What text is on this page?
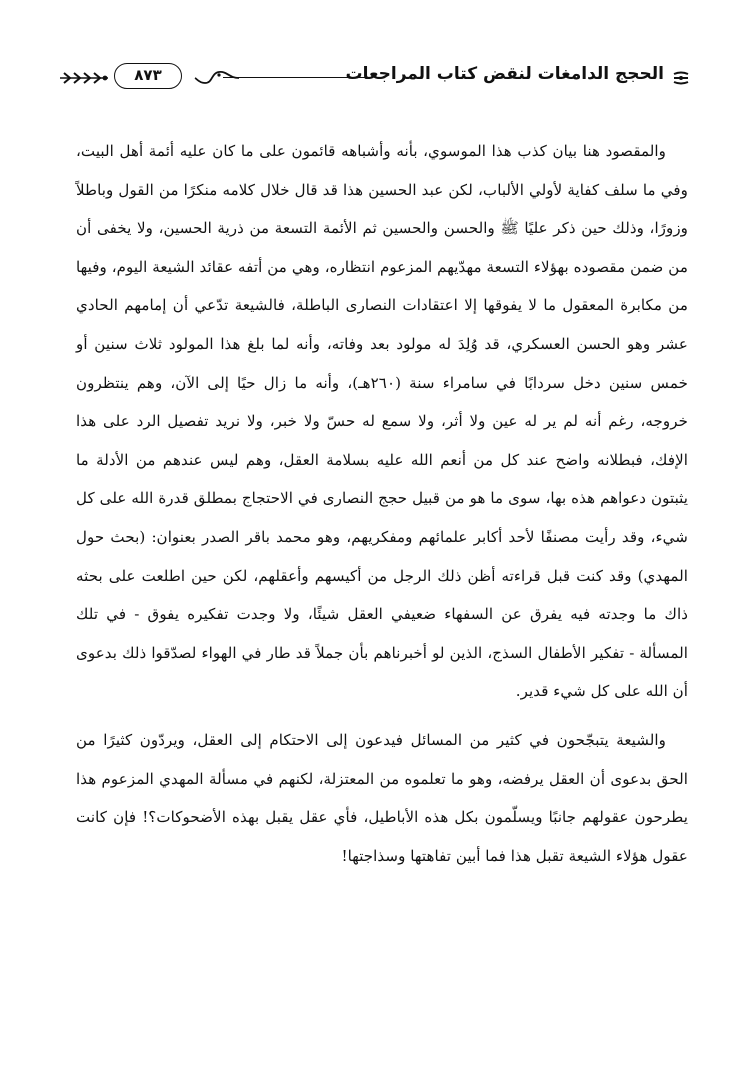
الحجج الدامغات لنقض كتاب المراجعات
٨٧٣

والمقصود هنا بيان كذب هذا الموسوي، بأنه وأشباهه قائمون على ما كان عليه أئمة أهل البيت، وفي ما سلف كفاية لأولي الألباب، لكن عبد الحسين هذا قد قال خلال كلامه منكرًا من القول وباطلاً وزورًا، وذلك حين ذكر عليًا ﷺ والحسن والحسين ثم الأئمة التسعة من ذرية الحسين، ولا يخفى أن من ضمن مقصوده بهؤلاء التسعة مهدّيهم المزعوم انتظاره، وهي من أتفه عقائد الشيعة اليوم، وفيها من مكابرة المعقول ما لا يفوقها إلا اعتقادات النصارى الباطلة، فالشيعة تدّعي أن إمامهم الحادي عشر وهو الحسن العسكري، قد وُلِدَ له مولود بعد وفاته، وأنه لما بلغ هذا المولود ثلاث سنين أو خمس سنين دخل سردابًا في سامراء سنة (٢٦٠هـ)، وأنه ما زال حيًا إلى الآن، وهم ينتظرون خروجه، رغم أنه لم ير له عين ولا أثر، ولا سمع له حسّ ولا خبر، ولا نريد تفصيل الرد على هذا الإفك، فبطلانه واضح عند كل من أنعم الله عليه بسلامة العقل، وهم ليس عندهم من الأدلة ما يثبتون دعواهم هذه بها، سوى ما هو من قبيل حجج النصارى في الاحتجاج بمطلق قدرة الله على كل شيء، وقد رأيت مصنفًا لأحد أكابر علمائهم ومفكريهم، وهو محمد باقر الصدر بعنوان: (بحث حول المهدي) وقد كنت قبل قراءته أظن ذلك الرجل من أكيسهم وأعقلهم، لكن حين اطلعت على بحثه ذاك ما وجدته فيه يفرق عن السفهاء ضعيفي العقل شيئًا، ولا وجدت تفكيره يفوق - في تلك المسألة - تفكير الأطفال السذج، الذين لو أخبرناهم بأن جملاً قد طار في الهواء لصدّقوا ذلك بدعوى أن الله على كل شيء قدير.

والشيعة يتبجّحون في كثير من المسائل فيدعون إلى الاحتكام إلى العقل، ويردّون كثيرًا من الحق بدعوى أن العقل يرفضه، وهو ما تعلموه من المعتزلة، لكنهم في مسألة المهدي المزعوم هذا يطرحون عقولهم جانبًا ويسلّمون بكل هذه الأباطيل، فأي عقل يقبل بهذه الأضحوكات؟! فإن كانت عقول هؤلاء الشيعة تقبل هذا فما أبين تفاهتها وسذاجتها!
